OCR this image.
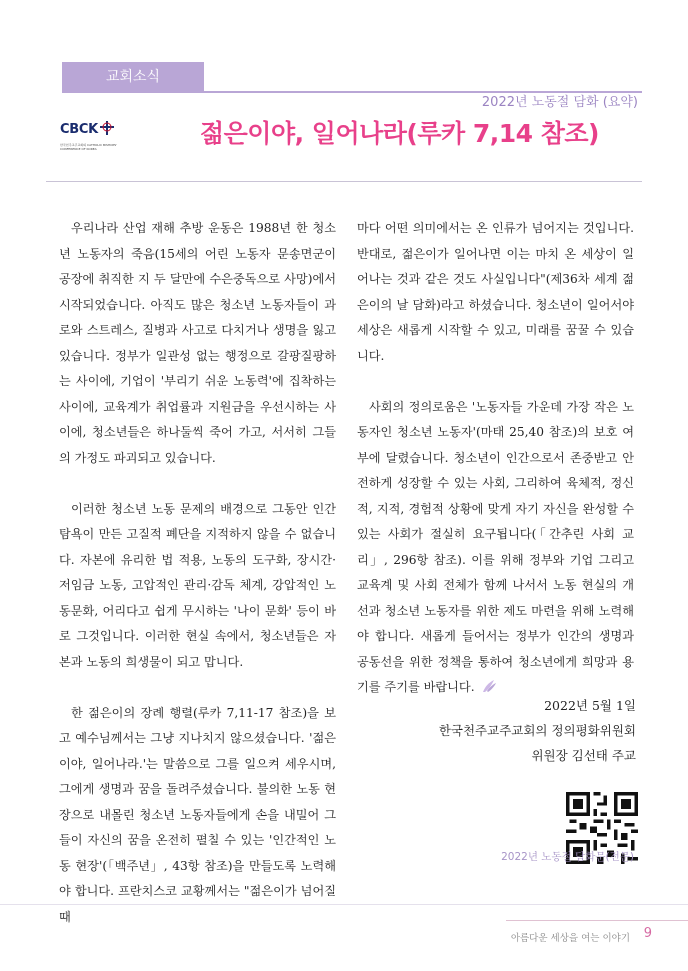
교회소식
2022년 노동절 담화 (요약)
CBCK
한국천주교주교회의 CATHOLIC BISHOPS' CONFERENCE OF KOREA
젊은이야, 일어나라(루카 7,14 참조)

우리나라 산업 재해 추방 운동은 1988년 한 청소년 노동자의 죽음(15세의 어린 노동자 문송면군이 공장에 취직한 지 두 달만에 수은중독으로 사망)에서 시작되었습니다. 아직도 많은 청소년 노동자들이 과로와 스트레스, 질병과 사고로 다치거나 생명을 잃고 있습니다. 정부가 일관성 없는 행정으로 갈팡질팡하는 사이에, 기업이 '부리기 쉬운 노동력'에 집착하는 사이에, 교육계가 취업률과 지원금을 우선시하는 사이에, 청소년들은 하나둘씩 죽어 가고, 서서히 그들의 가정도 파괴되고 있습니다.

이러한 청소년 노동 문제의 배경으로 그동안 인간 탐욕이 만든 고질적 폐단을 지적하지 않을 수 없습니다. 자본에 유리한 법 적용, 노동의 도구화, 장시간·저임금 노동, 고압적인 관리·감독 체계, 강압적인 노동문화, 어리다고 쉽게 무시하는 '나이 문화' 등이 바로 그것입니다. 이러한 현실 속에서, 청소년들은 자본과 노동의 희생물이 되고 맙니다.

한 젊은이의 장례 행렬(루카 7,11-17 참조)을 보고 예수님께서는 그냥 지나치지 않으셨습니다. '젊은이야, 일어나라.'는 말씀으로 그를 일으켜 세우시며, 그에게 생명과 꿈을 돌려주셨습니다. 불의한 노동 현장으로 내몰린 청소년 노동자들에게 손을 내밀어 그들이 자신의 꿈을 온전히 펼칠 수 있는 '인간적인 노동 현장'(「백주년」, 43항 참조)을 만들도록 노력해야 합니다. 프란치스코 교황께서는 "젊은이가 넘어질 때

마다 어떤 의미에서는 온 인류가 넘어지는 것입니다. 반대로, 젊은이가 일어나면 이는 마치 온 세상이 일어나는 것과 같은 것도 사실입니다"(제36차 세계 젊은이의 날 담화)라고 하셨습니다. 청소년이 일어서야 세상은 새롭게 시작할 수 있고, 미래를 꿈꿀 수 있습니다.

사회의 정의로움은 '노동자들 가운데 가장 작은 노동자인 청소년 노동자'(마태 25,40 참조)의 보호 여부에 달렸습니다. 청소년이 인간으로서 존중받고 안전하게 성장할 수 있는 사회, 그리하여 육체적, 정신적, 지적, 경험적 상황에 맞게 자기 자신을 완성할 수 있는 사회가 절실히 요구됩니다(「간추린 사회 교리」, 296항 참조). 이를 위해 정부와 기업 그리고 교육계 및 사회 전체가 함께 나서서 노동 현실의 개선과 청소년 노동자를 위한 제도 마련을 위해 노력해야 합니다. 새롭게 들어서는 정부가 인간의 생명과 공동선을 위한 정책을 통하여 청소년에게 희망과 용기를 주기를 바랍니다.

2022년 5월 1일
한국천주교주교회의 정의평화위원회
위원장 김선태 주교
2022년 노동절 담화문(전문)
아름다운 세상을 여는 이야기 9
